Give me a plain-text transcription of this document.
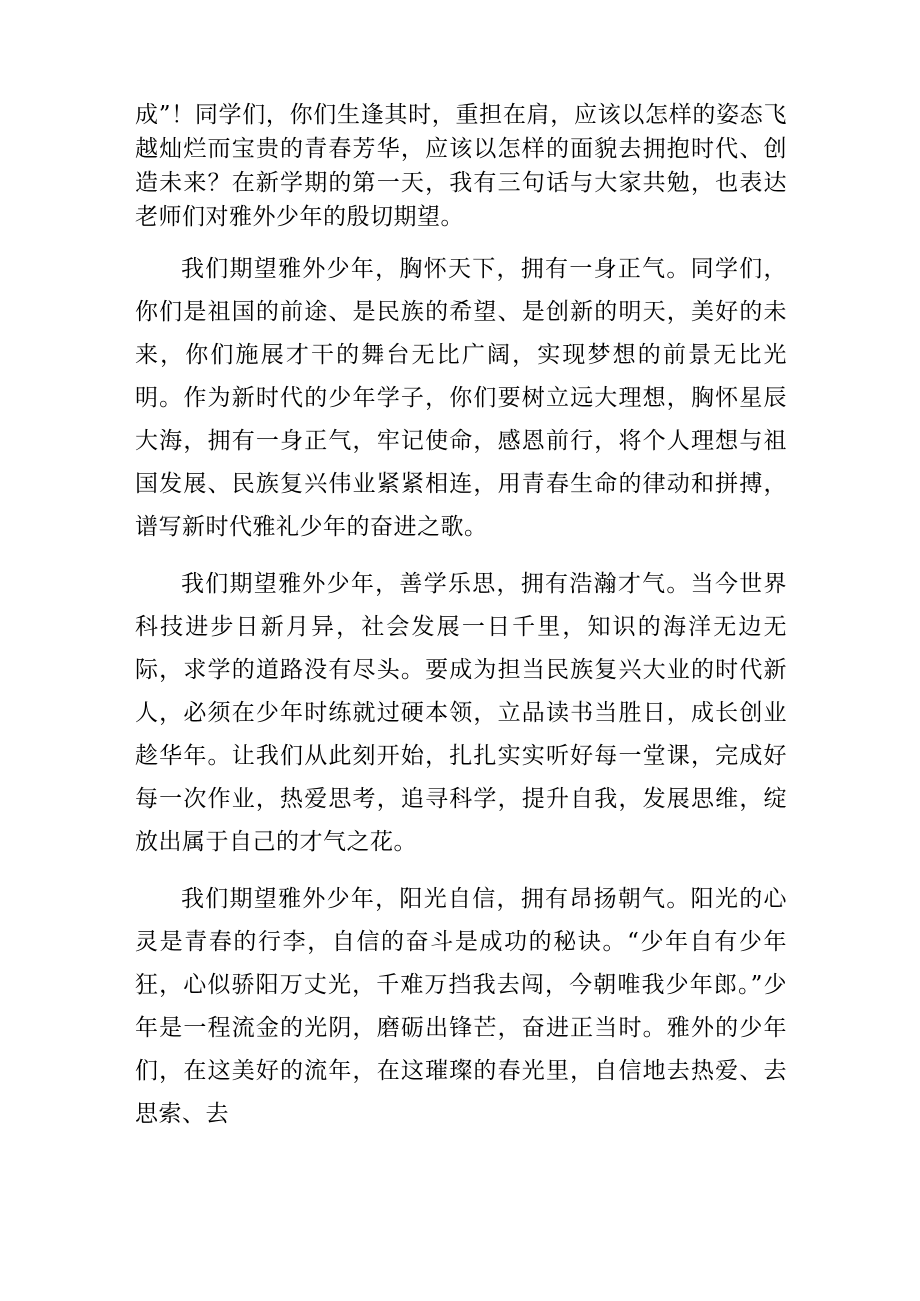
成”！同学们，你们生逢其时，重担在肩，应该以怎样的姿态飞越灿烂而宝贵的青春芳华，应该以怎样的面貌去拥抱时代、创造未来？在新学期的第一天，我有三句话与大家共勉，也表达老师们对雅外少年的殷切期望。

我们期望雅外少年，胸怀天下，拥有一身正气。同学们，你们是祖国的前途、是民族的希望、是创新的明天，美好的未来，你们施展才干的舞台无比广阔，实现梦想的前景无比光明。作为新时代的少年学子，你们要树立远大理想，胸怀星辰大海，拥有一身正气，牢记使命，感恩前行，将个人理想与祖国发展、民族复兴伟业紧紧相连，用青春生命的律动和拼搏，谱写新时代雅礼少年的奋进之歌。

我们期望雅外少年，善学乐思，拥有浩瀚才气。当今世界科技进步日新月异，社会发展一日千里，知识的海洋无边无际，求学的道路没有尽头。要成为担当民族复兴大业的时代新人，必须在少年时练就过硬本领，立品读书当胜日，成长创业趁华年。让我们从此刻开始，扎扎实实听好每一堂课，完成好每一次作业，热爱思考，追寻科学，提升自我，发展思维，绽放出属于自己的才气之花。

我们期望雅外少年，阳光自信，拥有昂扬朝气。阳光的心灵是青春的行李，自信的奋斗是成功的秘诀。“少年自有少年狂，心似骄阳万丈光，千难万挡我去闯，今朝唯我少年郎。”少年是一程流金的光阴，磨砺出锋芒，奋进正当时。雅外的少年们，在这美好的流年，在这璀璨的春光里，自信地去热爱、去思索、去
